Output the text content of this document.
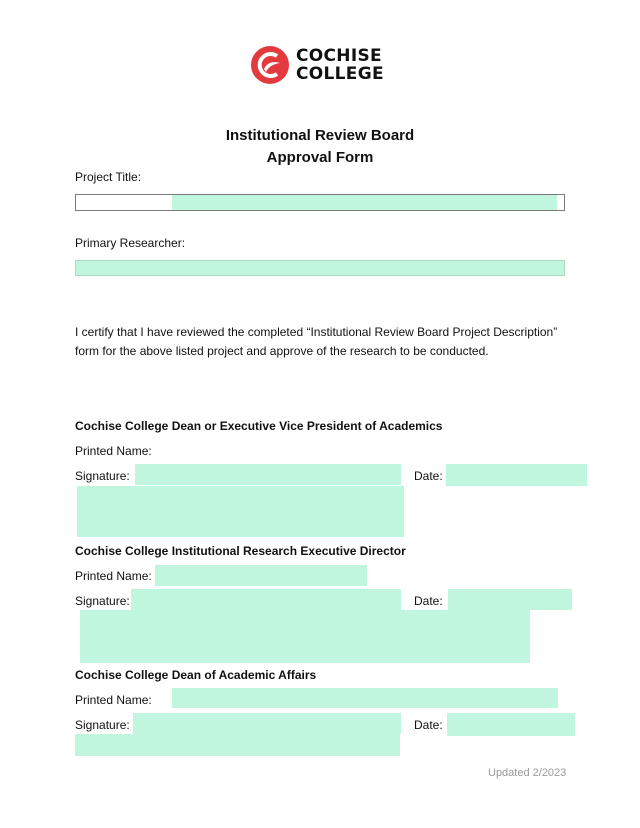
COCHISE
COLLEGE
Institutional Review Board
Approval Form
Project Title:
Primary Researcher:
I certify that I have reviewed the completed “Institutional Review Board Project Description” form for the above listed project and approve of the research to be conducted.
Cochise College Dean or Executive Vice President of Academics
Printed Name:
Signature:	Date:
Cochise College Institutional Research Executive Director
Printed Name:
Signature:	Date:
Cochise College Dean of Academic Affairs
Printed Name:
Signature:	Date:
Updated 2/2023
